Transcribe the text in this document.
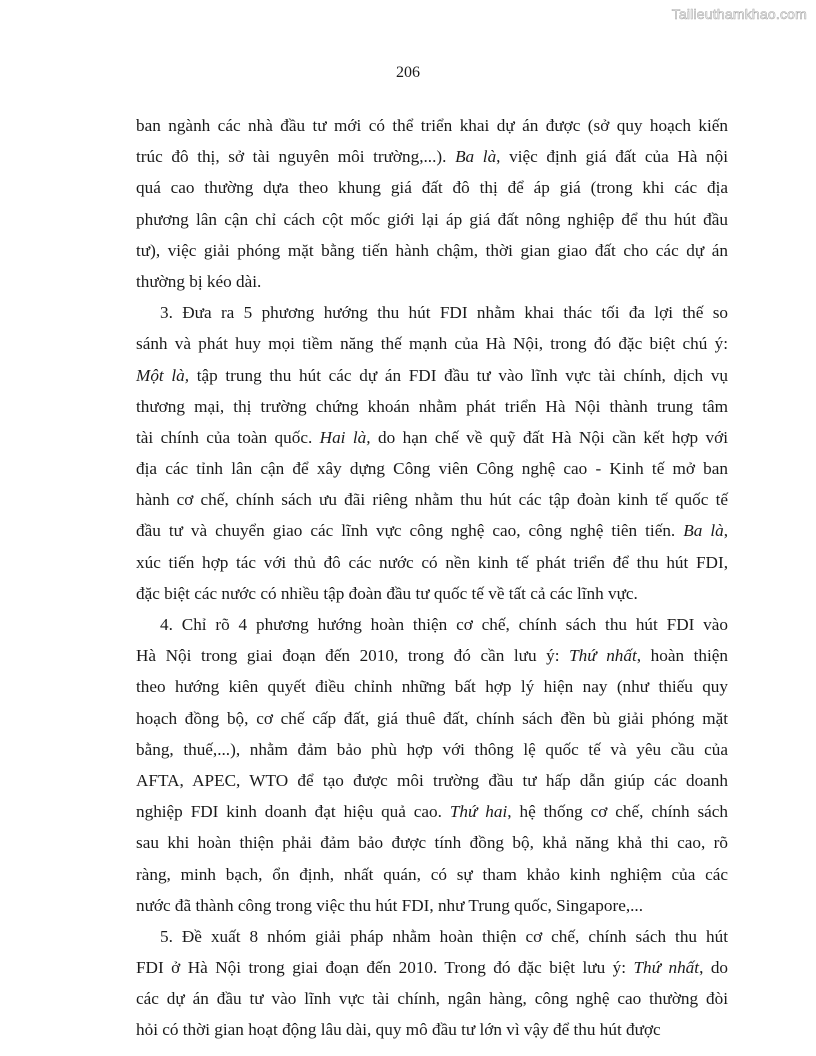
Tailieuthamkhao.com
206
ban ngành các nhà đầu tư mới có thể triển khai dự án được (sở quy hoạch kiến
trúc đô thị, sở tài nguyên môi trường,...). Ba là, việc định giá đất của Hà nội
quá cao thường dựa theo khung giá đất đô thị để áp giá (trong khi các địa
phương lân cận chỉ cách cột mốc giới lại áp giá đất nông nghiệp để thu hút đầu
tư), việc giải phóng mặt bằng tiến hành chậm, thời gian giao đất cho các dự án
thường bị kéo dài.
3. Đưa ra 5 phương hướng thu hút FDI nhằm khai thác tối đa lợi thế so
sánh và phát huy mọi tiềm năng thế mạnh của Hà Nội, trong đó đặc biệt chú ý:
Một là, tập trung thu hút các dự án FDI đầu tư vào lĩnh vực tài chính, dịch vụ
thương mại, thị trường chứng khoán nhằm phát triển Hà Nội thành trung tâm
tài chính của toàn quốc. Hai là, do hạn chế về quỹ đất Hà Nội cần kết hợp với
địa các tỉnh lân cận để xây dựng Công viên Công nghệ cao - Kinh tế mở ban
hành cơ chế, chính sách ưu đãi riêng nhằm thu hút các tập đoàn kinh tế quốc tế
đầu tư và chuyển giao các lĩnh vực công nghệ cao, công nghệ tiên tiến. Ba là,
xúc tiến hợp tác với thủ đô các nước có nền kinh tế phát triển để thu hút FDI,
đặc biệt các nước có nhiều tập đoàn đầu tư quốc tế về tất cả các lĩnh vực.
4. Chỉ rõ 4 phương hướng hoàn thiện cơ chế, chính sách thu hút FDI vào
Hà Nội trong giai đoạn đến 2010, trong đó cần lưu ý: Thứ nhất, hoàn thiện
theo hướng kiên quyết điều chỉnh những bất hợp lý hiện nay (như thiếu quy
hoạch đồng bộ, cơ chế cấp đất, giá thuê đất, chính sách đền bù giải phóng mặt
bằng, thuế,...), nhằm đảm bảo phù hợp với thông lệ quốc tế và yêu cầu của
AFTA, APEC, WTO để tạo được môi trường đầu tư hấp dẫn giúp các doanh
nghiệp FDI kinh doanh đạt hiệu quả cao. Thứ hai, hệ thống cơ chế, chính sách
sau khi hoàn thiện phải đảm bảo được tính đồng bộ, khả năng khả thi cao, rõ
ràng, minh bạch, ổn định, nhất quán, có sự tham khảo kinh nghiệm của các
nước đã thành công trong việc thu hút FDI, như Trung quốc, Singapore,...
5. Đề xuất 8 nhóm giải pháp nhằm hoàn thiện cơ chế, chính sách thu hút
FDI ở Hà Nội trong giai đoạn đến 2010. Trong đó đặc biệt lưu ý: Thứ nhất, do
các dự án đầu tư vào lĩnh vực tài chính, ngân hàng, công nghệ cao thường đòi
hỏi có thời gian hoạt động lâu dài, quy mô đầu tư lớn vì vậy để thu hút được
